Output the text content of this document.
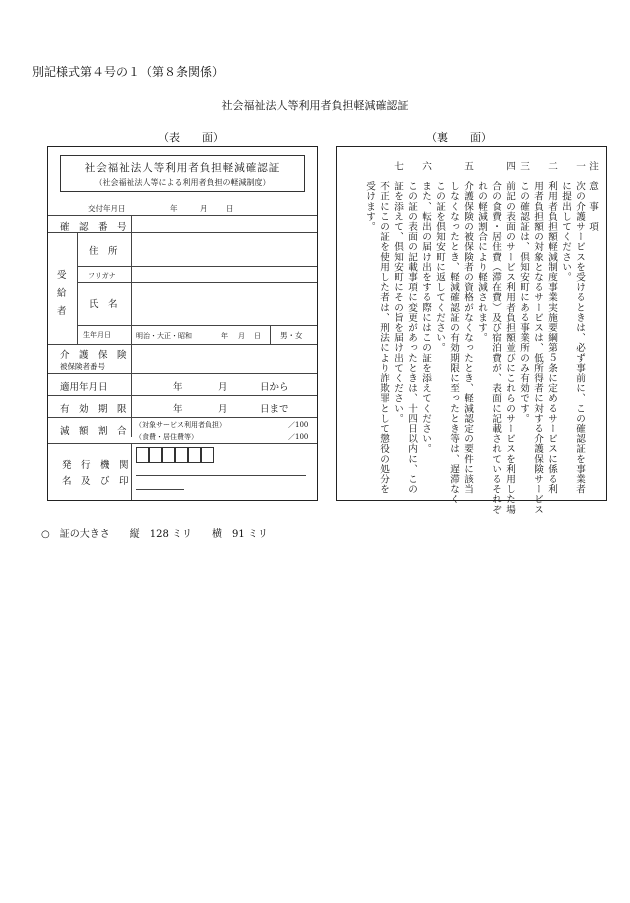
別記様式第４号の１（第８条関係）
社会福祉法人等利用者負担軽減確認証
（表　　面）	（裏　　面）
社会福祉法人等利用者負担軽減確認証
（社会福祉法人等による利用者負担の軽減制度）
交付年月日	年	月 日
確　認　番　号
受
給
者
住　所
フリガナ
氏　名
生年月日	明治・大正・昭和	年 月 日	男・女
介　護　保　険
被保険者番号
適用年月日	年	月	日から
有　効　期　限	年	月	日まで
減　額　割　合
（対象サービス利用者負担）	／100
（食費・居住費等）	／100
発　行　機　関
名　及　び　印
注　意　事　項
一　次の介護サービスを受けるときは、必ず事前に、この確認証を事業者
　　に提出してください。
二　利用者負担額軽減制度事業実施要綱第５条に定めるサービスに係る利
　　用者負担額の対象となるサービスは、低所得者に対する介護保険サービス
三　この確認証は、倶知安町にある事業所のみ有効です。
四　前記の表面のサービス利用者負担額並びにこれらのサービスを利用した場
　　合の食費・居住費（滞在費）及び宿泊費が、表面に記載されているそれぞ
　　れの軽減割合により軽減されます。
五　介護保険の被保険者の資格がなくなったとき、軽減認定の要件に該当
　　しなくなったとき、軽減確認証の有効期限に至ったとき等は、遅滞なく
　　この証を倶知安町に返してください。
六　また、転出の届け出をする際にはこの証を添えてください。
　　この証の表面の記載事項に変更があったときは、十四日以内に、この
七　証を添えて、倶知安町にその旨を届け出てください。
　　不正にこの証を使用した者は、刑法により詐欺罪として懲役の処分を
　　受けます。
○　証の大きさ　　縦　128 ミリ　　横　91 ミリ
